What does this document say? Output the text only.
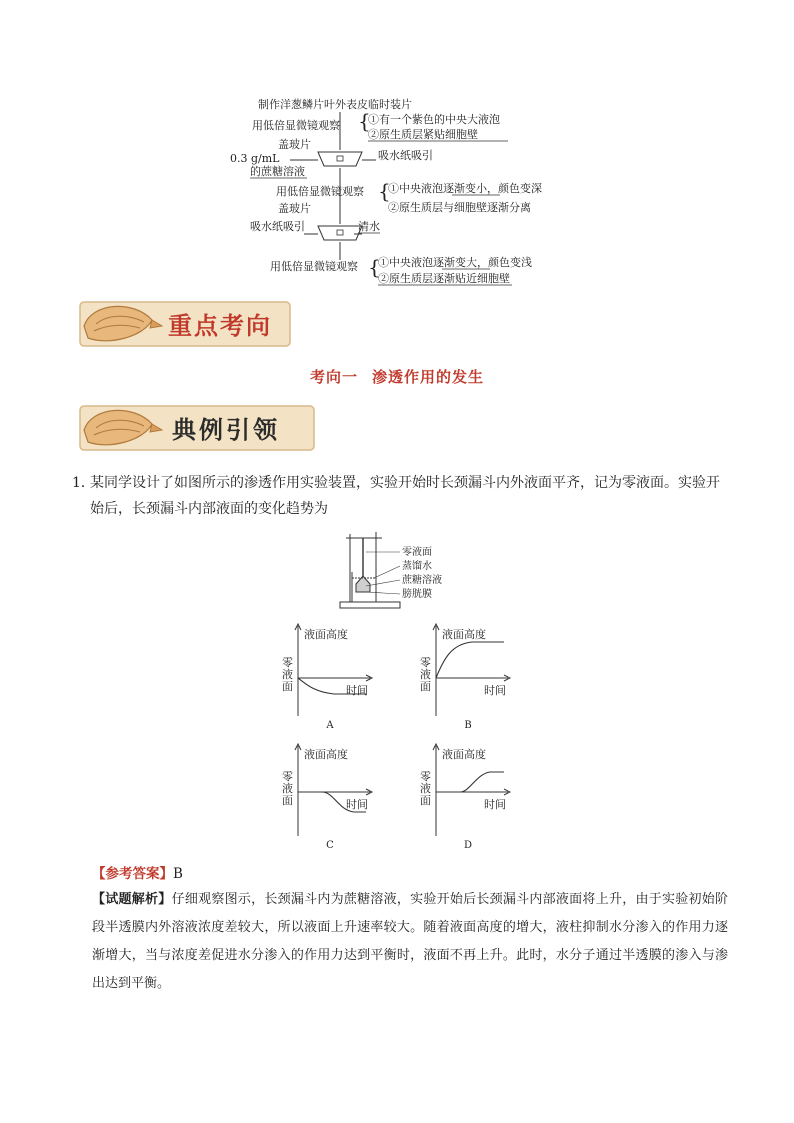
制作洋葱鳞片叶外表皮临时装片
用低倍显微镜观察 {
①有一个紫色的中央大液泡
②原生质层紧贴细胞壁
盖玻片
吸水纸吸引
0.3 g/mL
的蔗糖溶液
用低倍显微镜观察 {
①中央液泡逐渐变小，颜色变深
②原生质层与细胞壁逐渐分离
盖玻片
吸水纸吸引	清水
用低倍显微镜观察 {
①中央液泡逐渐变大，颜色变浅
②原生质层逐渐贴近细胞壁
重点考向
考向一 渗透作用的发生
典例引领
1．
某同学设计了如图所示的渗透作用实验装置，实验开始时长颈漏斗内外液面平齐，记为零液面。实验开始后，长颈漏斗内部液面的变化趋势为
零液面
蒸馏水
蔗糖溶液
膀胱膜
液面高度
零
液
面	时间
A
液面高度
零
液
面	时间
B
液面高度
零
液
面	时间
C
液面高度
零
液
面	时间
D
【参考答案】B
【试题解析】仔细观察图示，长颈漏斗内为蔗糖溶液，实验开始后长颈漏斗内部液面将上升，由于实验初始阶段半透膜内外溶液浓度差较大，所以液面上升速率较大。随着液面高度的增大，液柱抑制水分渗入的作用力逐渐增大，当与浓度差促进水分渗入的作用力达到平衡时，液面不再上升。此时，水分子通过半透膜的渗入与渗出达到平衡。
